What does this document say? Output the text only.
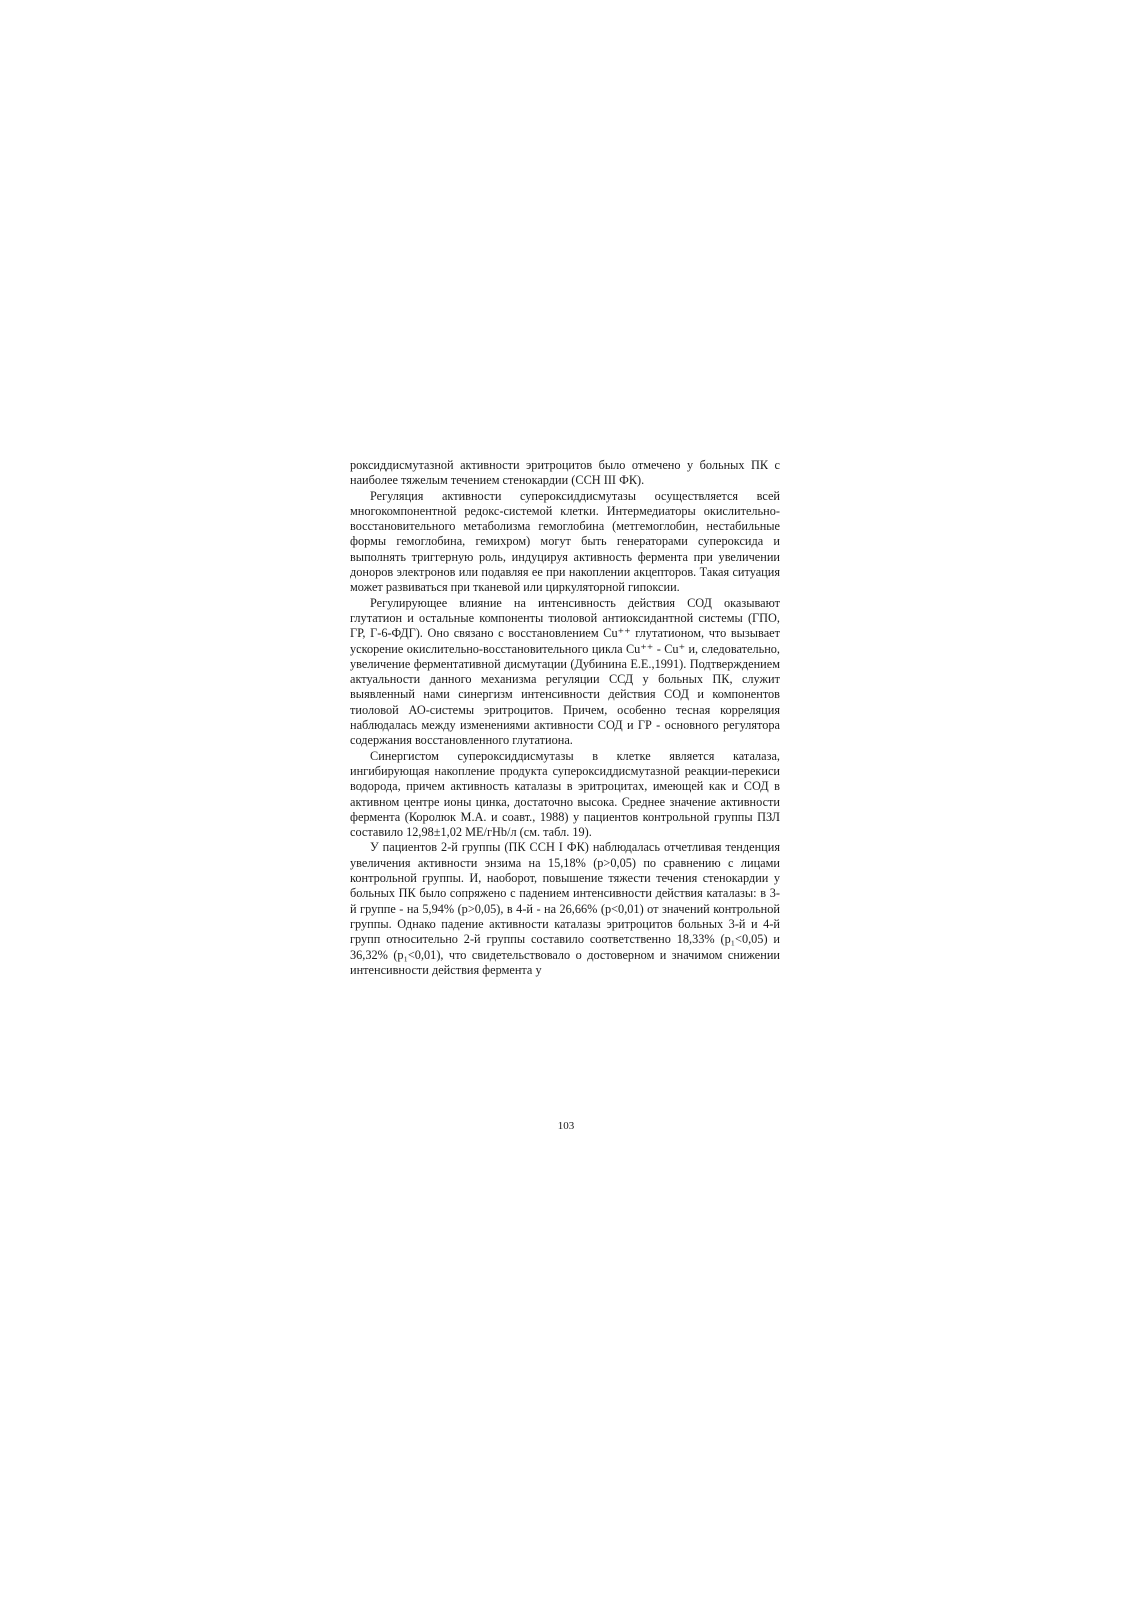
роксиддисмутазной активности эритроцитов было отмечено у больных ПК с наиболее тяжелым течением стенокардии (ССН III ФК).

Регуляция активности супероксиддисмутазы осуществляется всей многокомпонентной редокс-системой клетки. Интермедиаторы окислительно-восстановительного метаболизма гемоглобина (метгемоглобин, нестабильные формы гемоглобина, гемихром) могут быть генераторами супероксида и выполнять триггерную роль, индуцируя активность фермента при увеличении доноров электронов или подавляя ее при накоплении акцепторов. Такая ситуация может развиваться при тканевой или циркуляторной гипоксии.

Регулирующее влияние на интенсивность действия СОД оказывают глутатион и остальные компоненты тиоловой антиоксидантной системы (ГПО, ГР, Г-6-ФДГ). Оно связано с восстановлением Cu⁺⁺ глутатионом, что вызывает ускорение окислительно-восстановительного цикла Cu⁺⁺ - Cu⁺ и, следовательно, увеличение ферментативной дисмутации (Дубинина Е.Е.,1991). Подтверждением актуальности данного механизма регуляции ССД у больных ПК, служит выявленный нами синергизм интенсивности действия СОД и компонентов тиоловой АО-системы эритроцитов. Причем, особенно тесная корреляция наблюдалась между изменениями активности СОД и ГР - основного регулятора содержания восстановленного глутатиона.

Синергистом супероксиддисмутазы в клетке является каталаза, ингибирующая накопление продукта супероксиддисмутазной реакции-перекиси водорода, причем активность каталазы в эритроцитах, имеющей как и СОД в активном центре ионы цинка, достаточно высока. Среднее значение активности фермента (Королюк М.А. и соавт., 1988) у пациентов контрольной группы ПЗЛ составило 12,98±1,02 МЕ/гHb/л (см. табл. 19).

У пациентов 2-й группы (ПК ССН I ФК) наблюдалась отчетливая тенденция увеличения активности энзима на 15,18% (р>0,05) по сравнению с лицами контрольной группы. И, наоборот, повышение тяжести течения стенокардии у больных ПК было сопряжено с падением интенсивности действия каталазы: в 3-й группе - на 5,94% (р>0,05), в 4-й - на 26,66% (р<0,01) от значений контрольной группы. Однако падение активности каталазы эритроцитов больных 3-й и 4-й групп относительно 2-й группы составило соответственно 18,33% (р₁<0,05) и 36,32% (р₁<0,01), что свидетельствовало о достоверном и значимом снижении интенсивности действия фермента у

103
